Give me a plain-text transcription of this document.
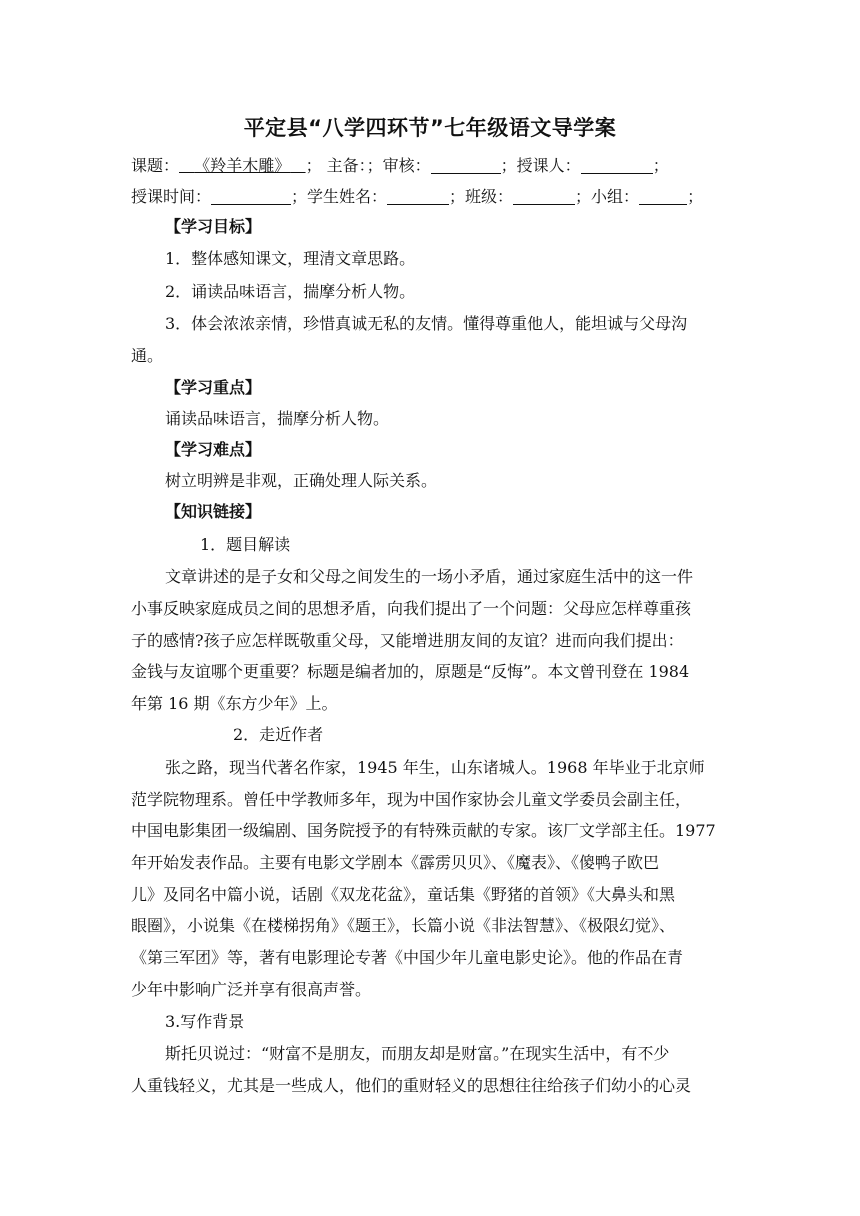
平定县“八学四环节”七年级语文导学案
课题： 《羚羊木雕》 ； 主备：；审核：	；授课人：	；
授课时间：	；学生姓名：	；班级：	；小组：	；
【学习目标】
1．整体感知课文，理清文章思路。
2．诵读品味语言，揣摩分析人物。
3．体会浓浓亲情，珍惜真诚无私的友情。懂得尊重他人，能坦诚与父母沟
通。
【学习重点】
诵读品味语言，揣摩分析人物。
【学习难点】
树立明辨是非观，正确处理人际关系。
【知识链接】
1．题目解读
文章讲述的是子女和父母之间发生的一场小矛盾，通过家庭生活中的这一件
小事反映家庭成员之间的思想矛盾，向我们提出了一个问题：父母应怎样尊重孩
子的感情?孩子应怎样既敬重父母，又能增进朋友间的友谊？进而向我们提出：
金钱与友谊哪个更重要？标题是编者加的，原题是“反悔”。本文曾刊登在 1984
年第 16 期《东方少年》上。
2．走近作者
张之路，现当代著名作家，1945 年生，山东诸城人。1968 年毕业于北京师
范学院物理系。曾任中学教师多年，现为中国作家协会儿童文学委员会副主任，
中国电影集团一级编剧、国务院授予的有特殊贡献的专家。该厂文学部主任。1977
年开始发表作品。主要有电影文学剧本《霹雳贝贝》、《魔表》、《傻鸭子欧巴
儿》及同名中篇小说，话剧《双龙花盆》，童话集《野猪的首领》《大鼻头和黑
眼圈》，小说集《在楼梯拐角》《题王》，长篇小说《非法智慧》、《极限幻觉》、
《第三军团》等，著有电影理论专著《中国少年儿童电影史论》。他的作品在青
少年中影响广泛并享有很高声誉。
3.写作背景
斯托贝说过：“财富不是朋友，而朋友却是财富。”在现实生活中，有不少
人重钱轻义，尤其是一些成人，他们的重财轻义的思想往往给孩子们幼小的心灵
